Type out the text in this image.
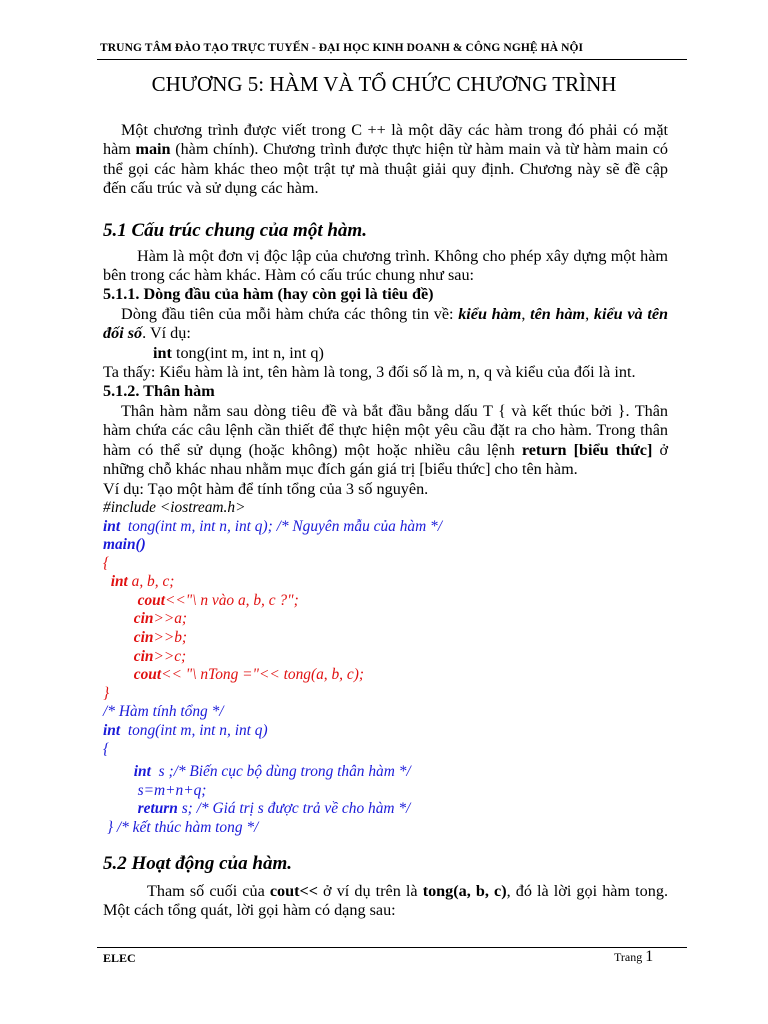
TRUNG TÂM ĐÀO TẠO TRỰC TUYẾN - ĐẠI HỌC KINH DOANH & CÔNG NGHỆ HÀ NỘI
CHƯƠNG 5: HÀM VÀ TỔ CHỨC CHƯƠNG TRÌNH

Một chương trình được viết trong C ++ là một dãy các hàm trong đó phải có mặt hàm main (hàm chính). Chương trình được thực hiện từ hàm main và từ hàm main có thể gọi các hàm khác theo một trật tự mà thuật giải quy định. Chương này sẽ đề cập đến cấu trúc và sử dụng các hàm.

5.1 Cấu trúc chung của một hàm.

Hàm là một đơn vị độc lập của chương trình. Không cho phép xây dựng một hàm bên trong các hàm khác. Hàm có cấu trúc chung như sau:

5.1.1. Dòng đầu của hàm (hay còn gọi là tiêu đề)

Dòng đầu tiên của mỗi hàm chứa các thông tin về: kiểu hàm, tên hàm, kiểu và tên đối số. Ví dụ:

int tong(int m, int n, int q)

Ta thấy: Kiểu hàm là int, tên hàm là tong, 3 đối số là m, n, q và kiểu của đối là int.

5.1.2. Thân hàm

Thân hàm nằm sau dòng tiêu đề và bắt đầu bằng dấu T { và kết thúc bởi }. Thân hàm chứa các câu lệnh cần thiết để thực hiện một yêu cầu đặt ra cho hàm. Trong thân hàm có thể sử dụng (hoặc không) một hoặc nhiều câu lệnh return [biểu thức] ở những chỗ khác nhau nhằm mục đích gán giá trị [biểu thức] cho tên hàm.

Ví dụ: Tạo một hàm để tính tổng của 3 số nguyên.
#include <iostream.h>
int  tong(int m, int n, int q); /* Nguyên mẫu của hàm */
main()
{
int a, b, c;
cout<<"\ n vào a, b, c ?";
cin>>a;
cin>>b;
cin>>c;
cout<< "\ nTong ="<< tong(a, b, c);
}
/* Hàm tính tổng */
int  tong(int m, int n, int q)
{
int  s ;/* Biến cục bộ dùng trong thân hàm */
s=m+n+q;
return s; /* Giá trị s được trả về cho hàm */
} /* kết thúc hàm tong */
5.2 Hoạt động của hàm.

Tham số cuối của cout<< ở ví dụ trên là tong(a, b, c), đó là lời gọi hàm tong. Một cách tổng quát, lời gọi hàm có dạng sau:

ELEC	Trang 1
